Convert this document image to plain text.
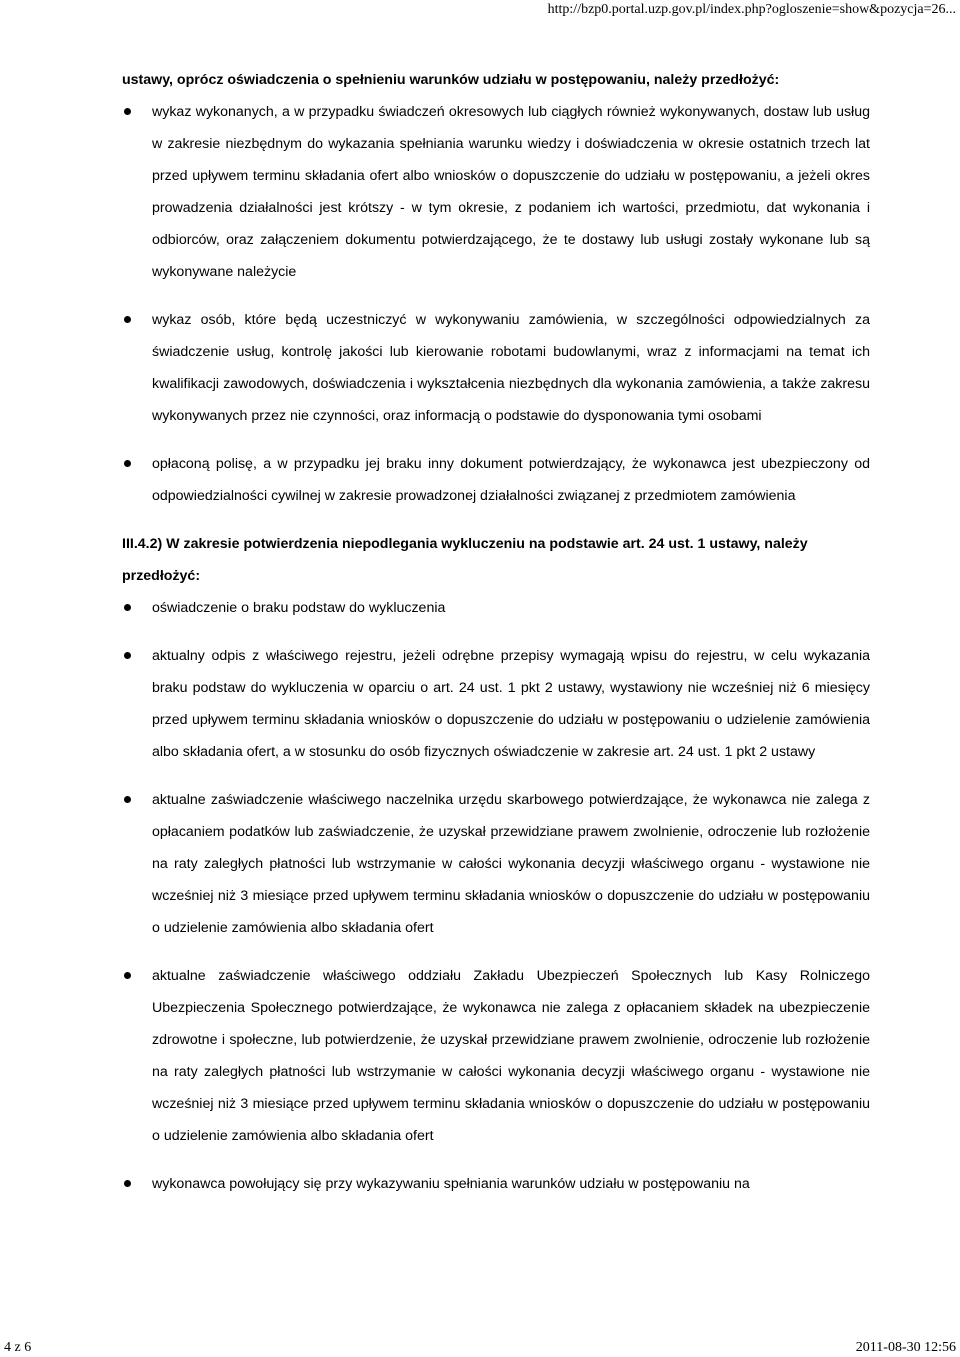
http://bzp0.portal.uzp.gov.pl/index.php?ogloszenie=show&pozycja=26...

ustawy, oprócz oświadczenia o spełnieniu warunków udziału w postępowaniu, należy przedłożyć:

wykaz wykonanych, a w przypadku świadczeń okresowych lub ciągłych również wykonywanych, dostaw lub usług w zakresie niezbędnym do wykazania spełniania warunku wiedzy i doświadczenia w okresie ostatnich trzech lat przed upływem terminu składania ofert albo wniosków o dopuszczenie do udziału w postępowaniu, a jeżeli okres prowadzenia działalności jest krótszy - w tym okresie, z podaniem ich wartości, przedmiotu, dat wykonania i odbiorców, oraz załączeniem dokumentu potwierdzającego, że te dostawy lub usługi zostały wykonane lub są wykonywane należycie
wykaz osób, które będą uczestniczyć w wykonywaniu zamówienia, w szczególności odpowiedzialnych za świadczenie usług, kontrolę jakości lub kierowanie robotami budowlanymi, wraz z informacjami na temat ich kwalifikacji zawodowych, doświadczenia i wykształcenia niezbędnych dla wykonania zamówienia, a także zakresu wykonywanych przez nie czynności, oraz informacją o podstawie do dysponowania tymi osobami
opłaconą polisę, a w przypadku jej braku inny dokument potwierdzający, że wykonawca jest ubezpieczony od odpowiedzialności cywilnej w zakresie prowadzonej działalności związanej z przedmiotem zamówienia

III.4.2) W zakresie potwierdzenia niepodlegania wykluczeniu na podstawie art. 24 ust. 1 ustawy, należy przedłożyć:

oświadczenie o braku podstaw do wykluczenia
aktualny odpis z właściwego rejestru, jeżeli odrębne przepisy wymagają wpisu do rejestru, w celu wykazania braku podstaw do wykluczenia w oparciu o art. 24 ust. 1 pkt 2 ustawy, wystawiony nie wcześniej niż 6 miesięcy przed upływem terminu składania wniosków o dopuszczenie do udziału w postępowaniu o udzielenie zamówienia albo składania ofert, a w stosunku do osób fizycznych oświadczenie w zakresie art. 24 ust. 1 pkt 2 ustawy
aktualne zaświadczenie właściwego naczelnika urzędu skarbowego potwierdzające, że wykonawca nie zalega z opłacaniem podatków lub zaświadczenie, że uzyskał przewidziane prawem zwolnienie, odroczenie lub rozłożenie na raty zaległych płatności lub wstrzymanie w całości wykonania decyzji właściwego organu - wystawione nie wcześniej niż 3 miesiące przed upływem terminu składania wniosków o dopuszczenie do udziału w postępowaniu o udzielenie zamówienia albo składania ofert
aktualne zaświadczenie właściwego oddziału Zakładu Ubezpieczeń Społecznych lub Kasy Rolniczego Ubezpieczenia Społecznego potwierdzające, że wykonawca nie zalega z opłacaniem składek na ubezpieczenie zdrowotne i społeczne, lub potwierdzenie, że uzyskał przewidziane prawem zwolnienie, odroczenie lub rozłożenie na raty zaległych płatności lub wstrzymanie w całości wykonania decyzji właściwego organu - wystawione nie wcześniej niż 3 miesiące przed upływem terminu składania wniosków o dopuszczenie do udziału w postępowaniu o udzielenie zamówienia albo składania ofert
wykonawca powołujący się przy wykazywaniu spełniania warunków udziału w postępowaniu na
4 z 6	2011-08-30 12:56
